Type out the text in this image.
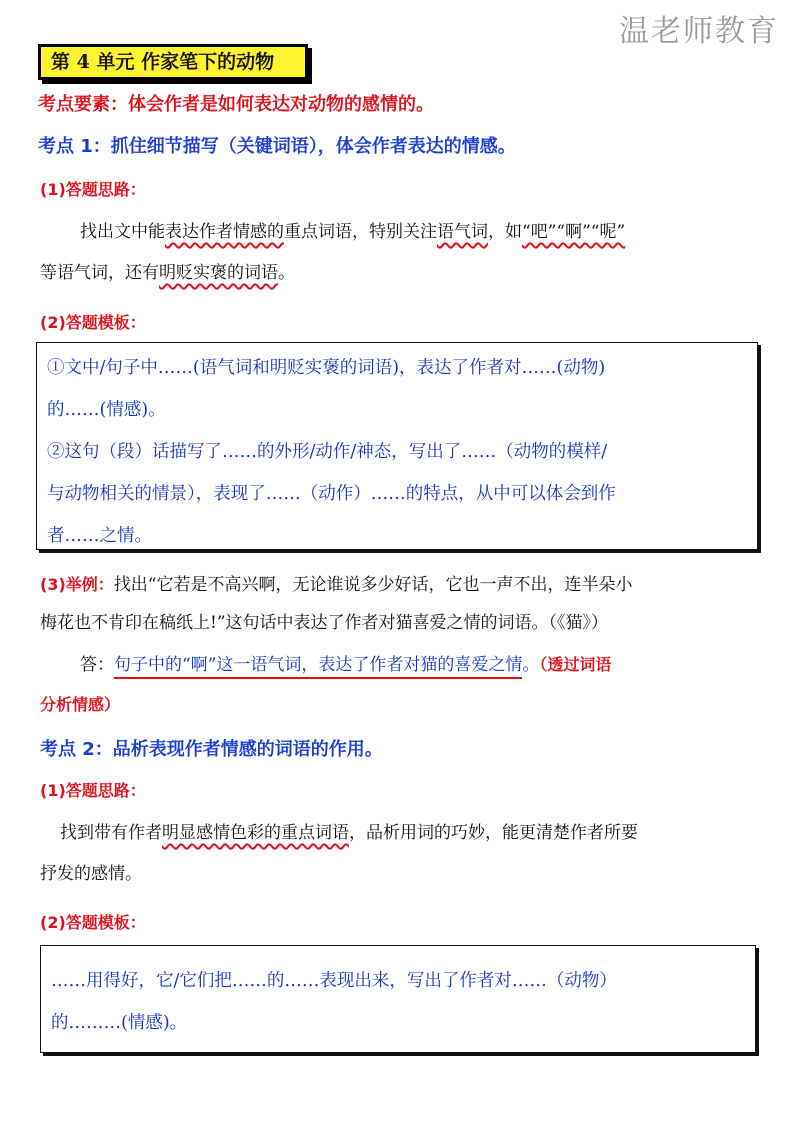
温老师教育
第 4 单元 作家笔下的动物
考点要素：体会作者是如何表达对动物的感情的。
考点 1：抓住细节描写（关键词语），体会作者表达的情感。
(1)答题思路：
找出文中能表达作者情感的重点词语，特别关注语气词，如“吧”“啊”“呢”
等语气词，还有明贬实褒的词语。
(2)答题模板：
①文中/句子中……(语气词和明贬实褒的词语)，表达了作者对……(动物)
的……(情感)。
②这句（段）话描写了……的外形/动作/神态，写出了……（动物的模样/
与动物相关的情景），表现了……（动作）……的特点，从中可以体会到作
者……之情。
(3)举例：找出“它若是不高兴啊，无论谁说多少好话，它也一声不出，连半朵小
梅花也不肯印在稿纸上!”这句话中表达了作者对猫喜爱之情的词语。（《猫》）
答：句子中的“啊”这一语气词，表达了作者对猫的喜爱之情。（透过词语
分析情感）
考点 2：品析表现作者情感的词语的作用。
(1)答题思路：
找到带有作者明显感情色彩的重点词语，品析用词的巧妙，能更清楚作者所要
抒发的感情。
(2)答题模板：
……用得好，它/它们把……的……表现出来，写出了作者对……（动物）
的………(情感)。
